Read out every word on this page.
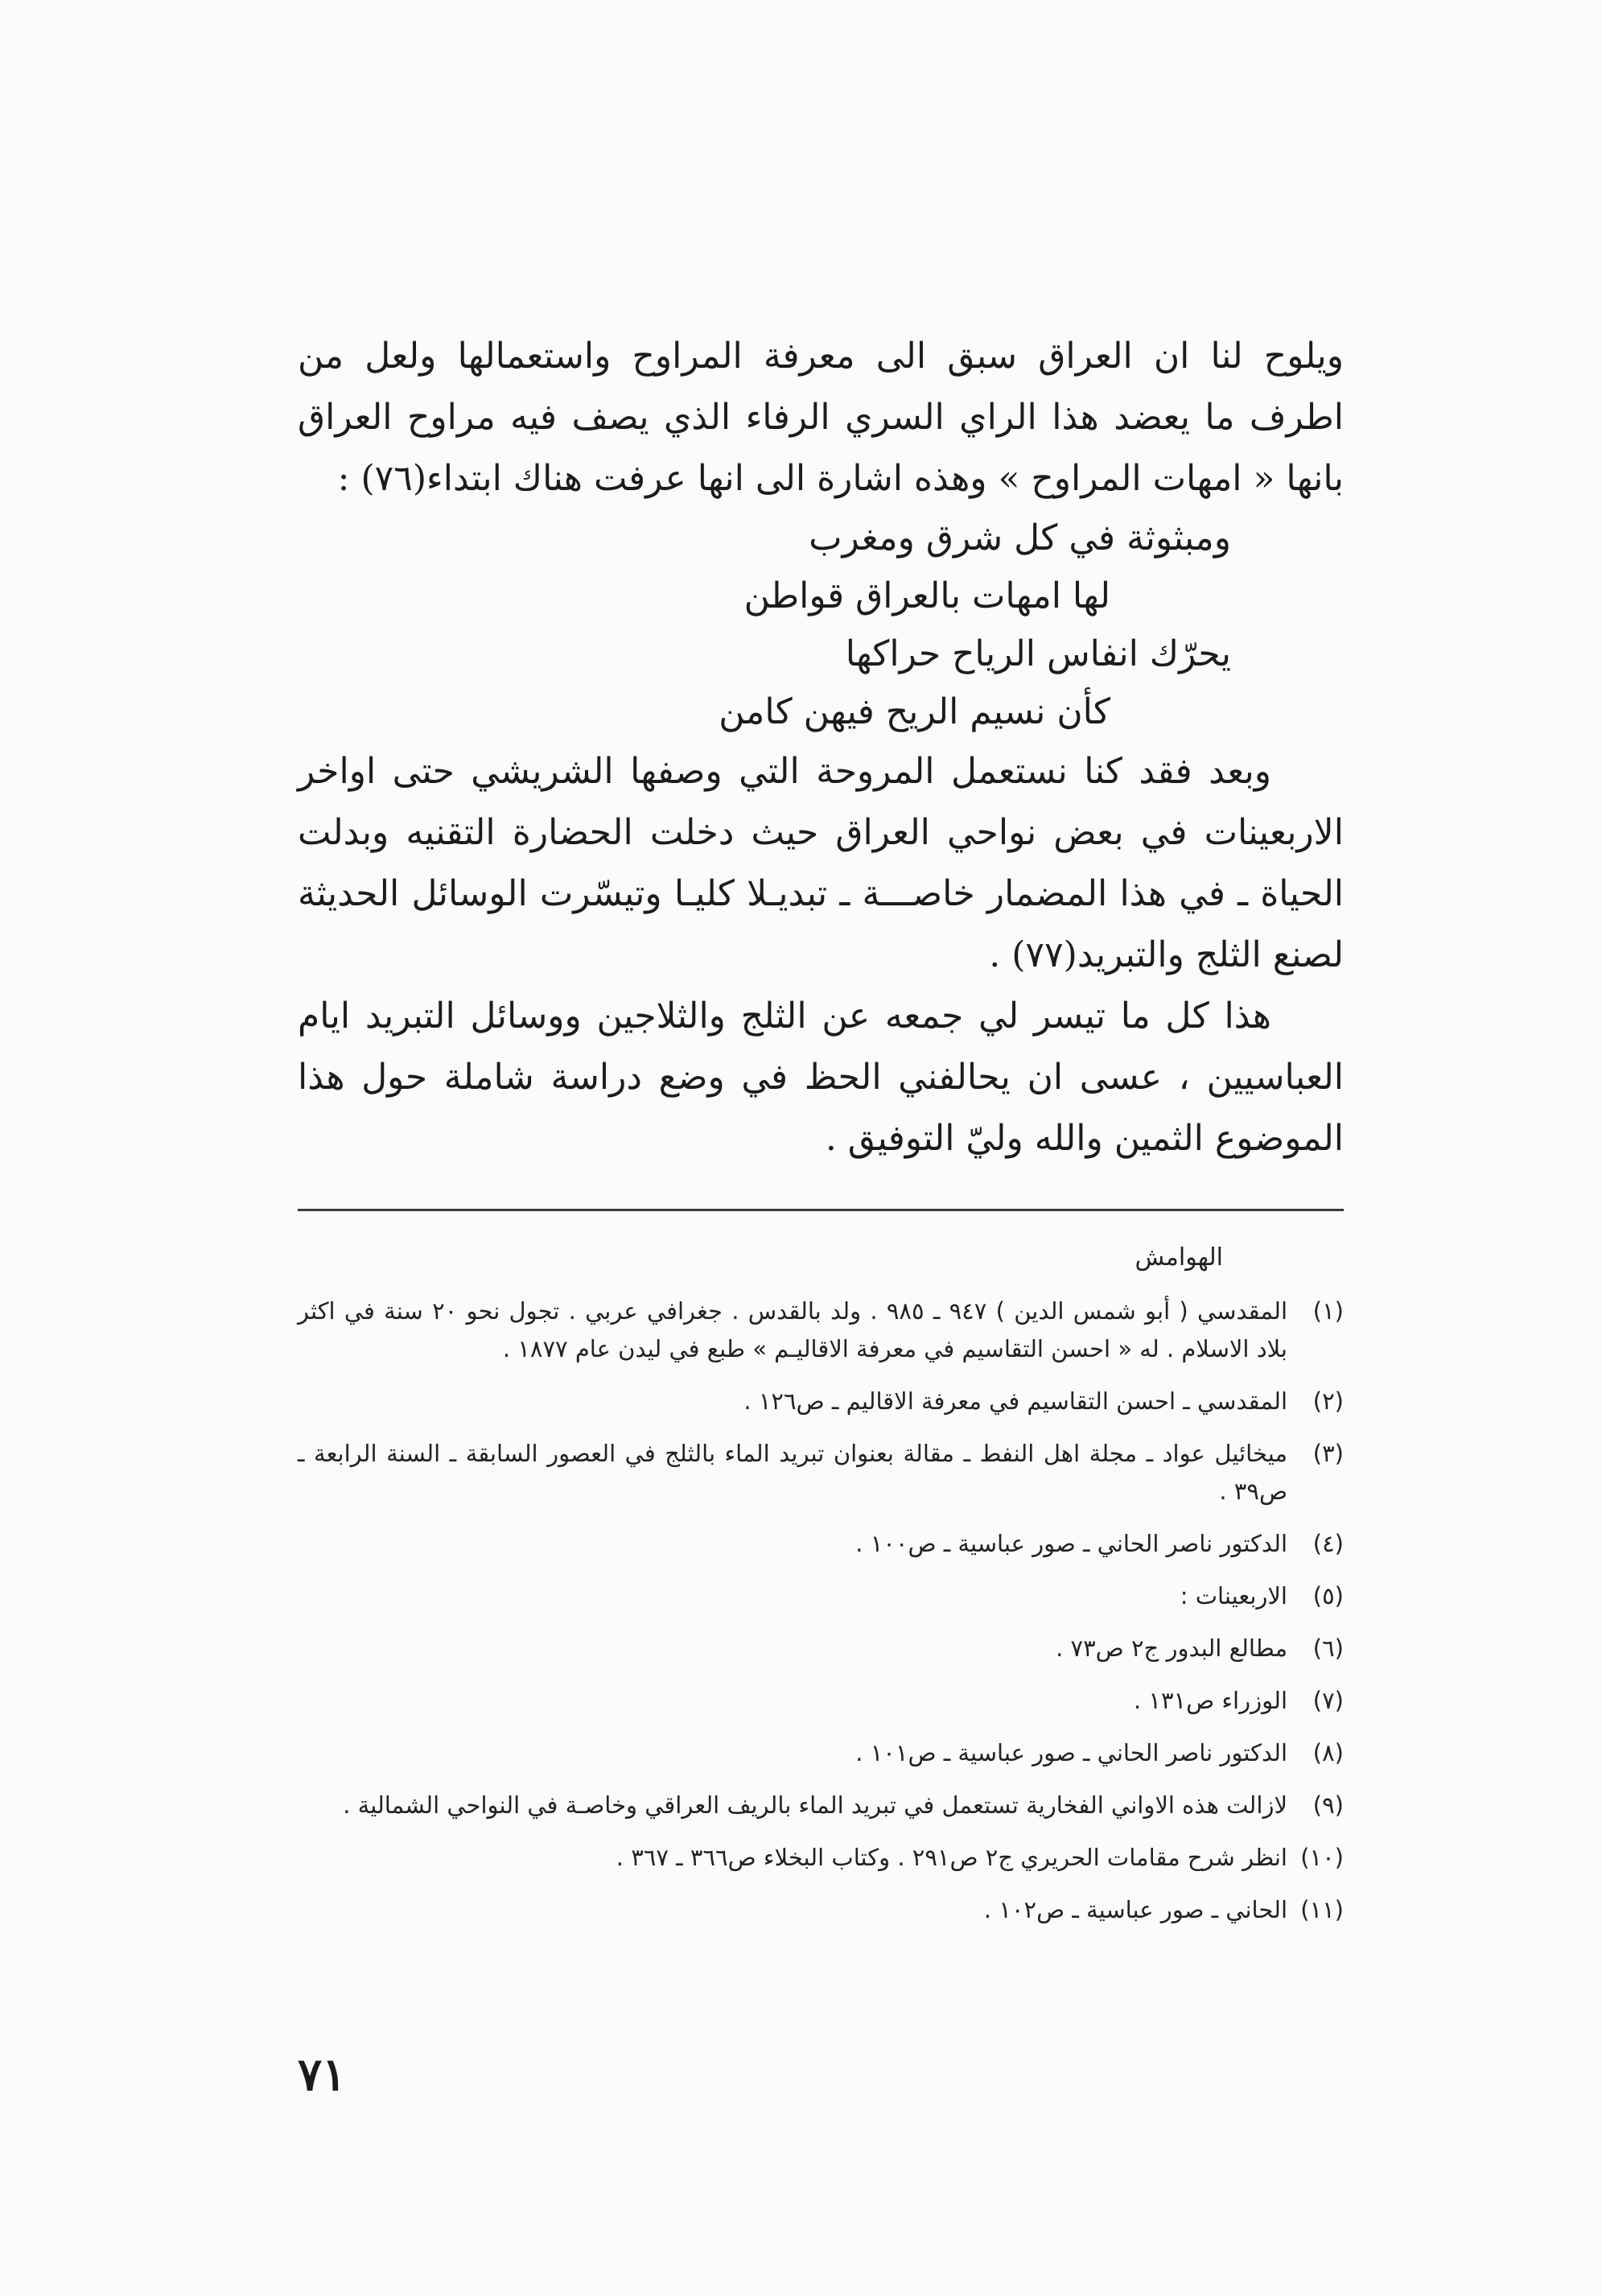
ويلوح لنا ان العراق سبق الى معرفة المراوح واستعمالها ولعل من اطرف ما يعضد هذا الراي السري الرفاء الذي يصف فيه مراوح العراق بانها « امهات المراوح » وهذه اشارة الى انها عرفت هناك ابتداء(٧٦) :

ومبثوثة في كل شرق ومغرب

لها امهات بالعراق قواطن

يحرّك انفاس الرياح حراكها

كأن نسيم الريح فيهن كامن

وبعد فقد كنا نستعمل المروحة التي وصفها الشريشي حتى اواخر الاربعينات في بعض نواحي العراق حيث دخلت الحضارة التقنيه وبدلت الحياة ـ في هذا المضمار خاصـــة ـ تبديـلا كليـا وتيسّرت الوسائل الحديثة لصنع الثلج والتبريد(٧٧) .

هذا كل ما تيسر لي جمعه عن الثلج والثلاجين ووسائل التبريد ايام العباسيين ، عسى ان يحالفني الحظ في وضع دراسة شاملة حول هذا الموضوع الثمين والله وليّ التوفيق .

الهوامش

(١)
المقدسي ( أبو شمس الدين ) ٩٤٧ ـ ٩٨٥ . ولد بالقدس . جغرافي عربي . تجول نحو ٢٠ سنة في اكثر بلاد الاسلام . له « احسن التقاسيم في معرفة الاقاليـم » طبع في ليدن عام ١٨٧٧ .
(٢)
المقدسي ـ احسن التقاسيم في معرفة الاقاليم ـ ص١٢٦ .
(٣)
ميخائيل عواد ـ مجلة اهل النفط ـ مقالة بعنوان تبريد الماء بالثلج في العصور السابقة ـ السنة الرابعة ـ ص٣٩ .
(٤)
الدكتور ناصر الحاني ـ صور عباسية ـ ص١٠٠ .
(٥)
الاربعينات :
(٦)
مطالع البدور ج٢ ص٧٣ .
(٧)
الوزراء ص١٣١ .
(٨)
الدكتور ناصر الحاني ـ صور عباسية ـ ص١٠١ .
(٩)
لازالت هذه الاواني الفخارية تستعمل في تبريد الماء بالريف العراقي وخاصـة في النواحي الشمالية .
(١٠)
انظر شرح مقامات الحريري ج٢ ص٢٩١ . وكتاب البخلاء ص٣٦٦ ـ ٣٦٧ .
(١١)
الحاني ـ صور عباسية ـ ص١٠٢ .
٧١
